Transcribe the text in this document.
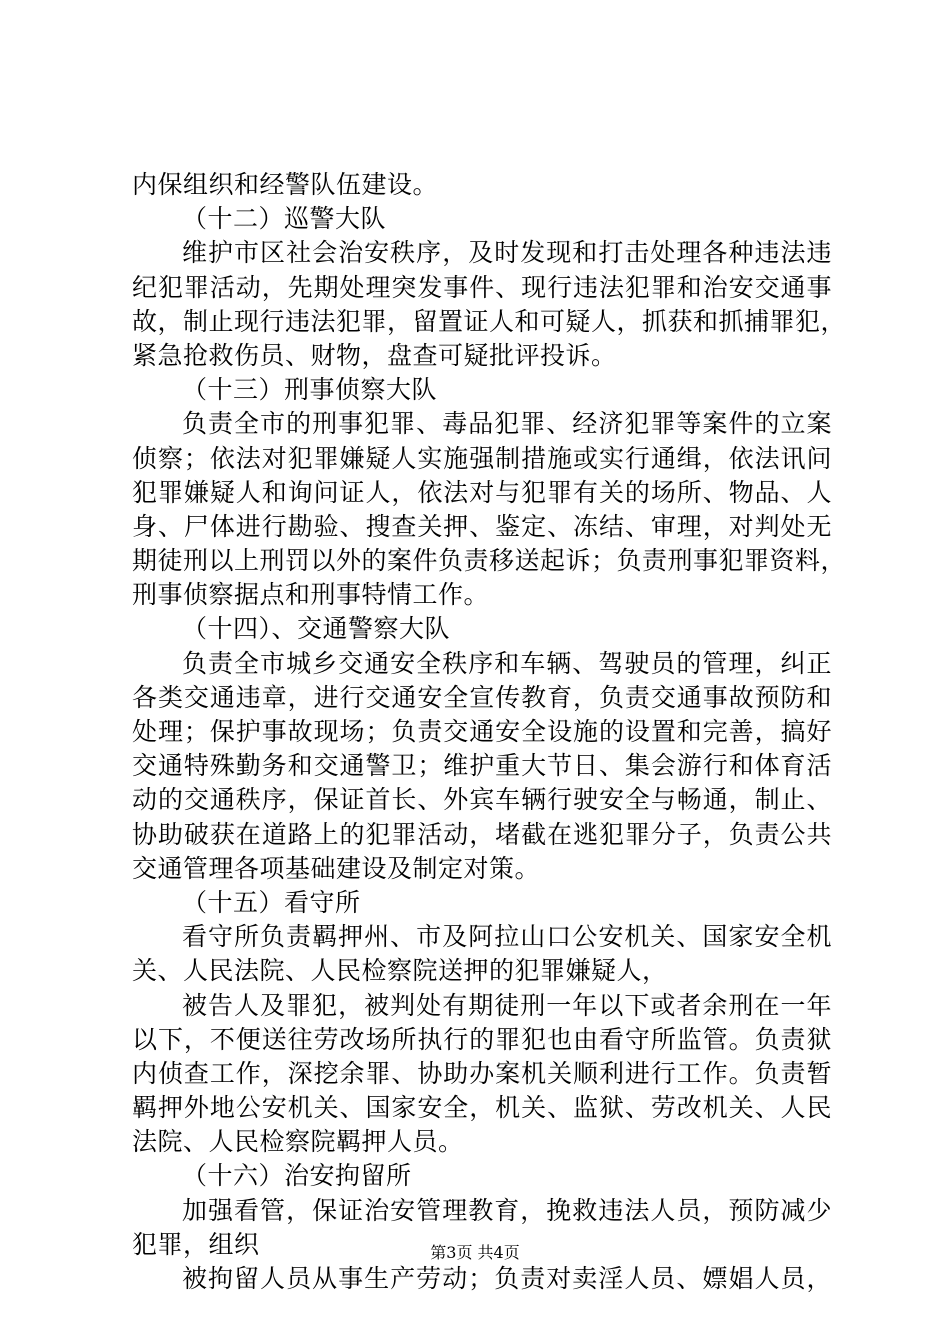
内保组织和经警队伍建设。
（十二）巡警大队
维护市区社会治安秩序，及时发现和打击处理各种违法违
纪犯罪活动，先期处理突发事件、现行违法犯罪和治安交通事
故，制止现行违法犯罪，留置证人和可疑人，抓获和抓捕罪犯，
紧急抢救伤员、财物，盘查可疑批评投诉。
（十三）刑事侦察大队
负责全市的刑事犯罪、毒品犯罪、经济犯罪等案件的立案
侦察；依法对犯罪嫌疑人实施强制措施或实行通缉，依法讯问
犯罪嫌疑人和询问证人，依法对与犯罪有关的场所、物品、人
身、尸体进行勘验、搜查关押、鉴定、冻结、审理，对判处无
期徒刑以上刑罚以外的案件负责移送起诉；负责刑事犯罪资料，
刑事侦察据点和刑事特情工作。
（十四）、交通警察大队
负责全市城乡交通安全秩序和车辆、驾驶员的管理，纠正
各类交通违章，进行交通安全宣传教育，负责交通事故预防和
处理；保护事故现场；负责交通安全设施的设置和完善，搞好
交通特殊勤务和交通警卫；维护重大节日、集会游行和体育活
动的交通秩序，保证首长、外宾车辆行驶安全与畅通，制止、
协助破获在道路上的犯罪活动，堵截在逃犯罪分子，负责公共
交通管理各项基础建设及制定对策。
（十五）看守所
看守所负责羁押州、市及阿拉山口公安机关、国家安全机
关、人民法院、人民检察院送押的犯罪嫌疑人，
被告人及罪犯，被判处有期徒刑一年以下或者余刑在一年
以下，不便送往劳改场所执行的罪犯也由看守所监管。负责狱
内侦查工作，深挖余罪、协助办案机关顺利进行工作。负责暂
羁押外地公安机关、国家安全，机关、监狱、劳改机关、人民
法院、人民检察院羁押人员。
（十六）治安拘留所
加强看管，保证治安管理教育，挽救违法人员，预防减少
犯罪，组织
被拘留人员从事生产劳动；负责对卖淫人员、嫖娼人员，
第3页 共4页
